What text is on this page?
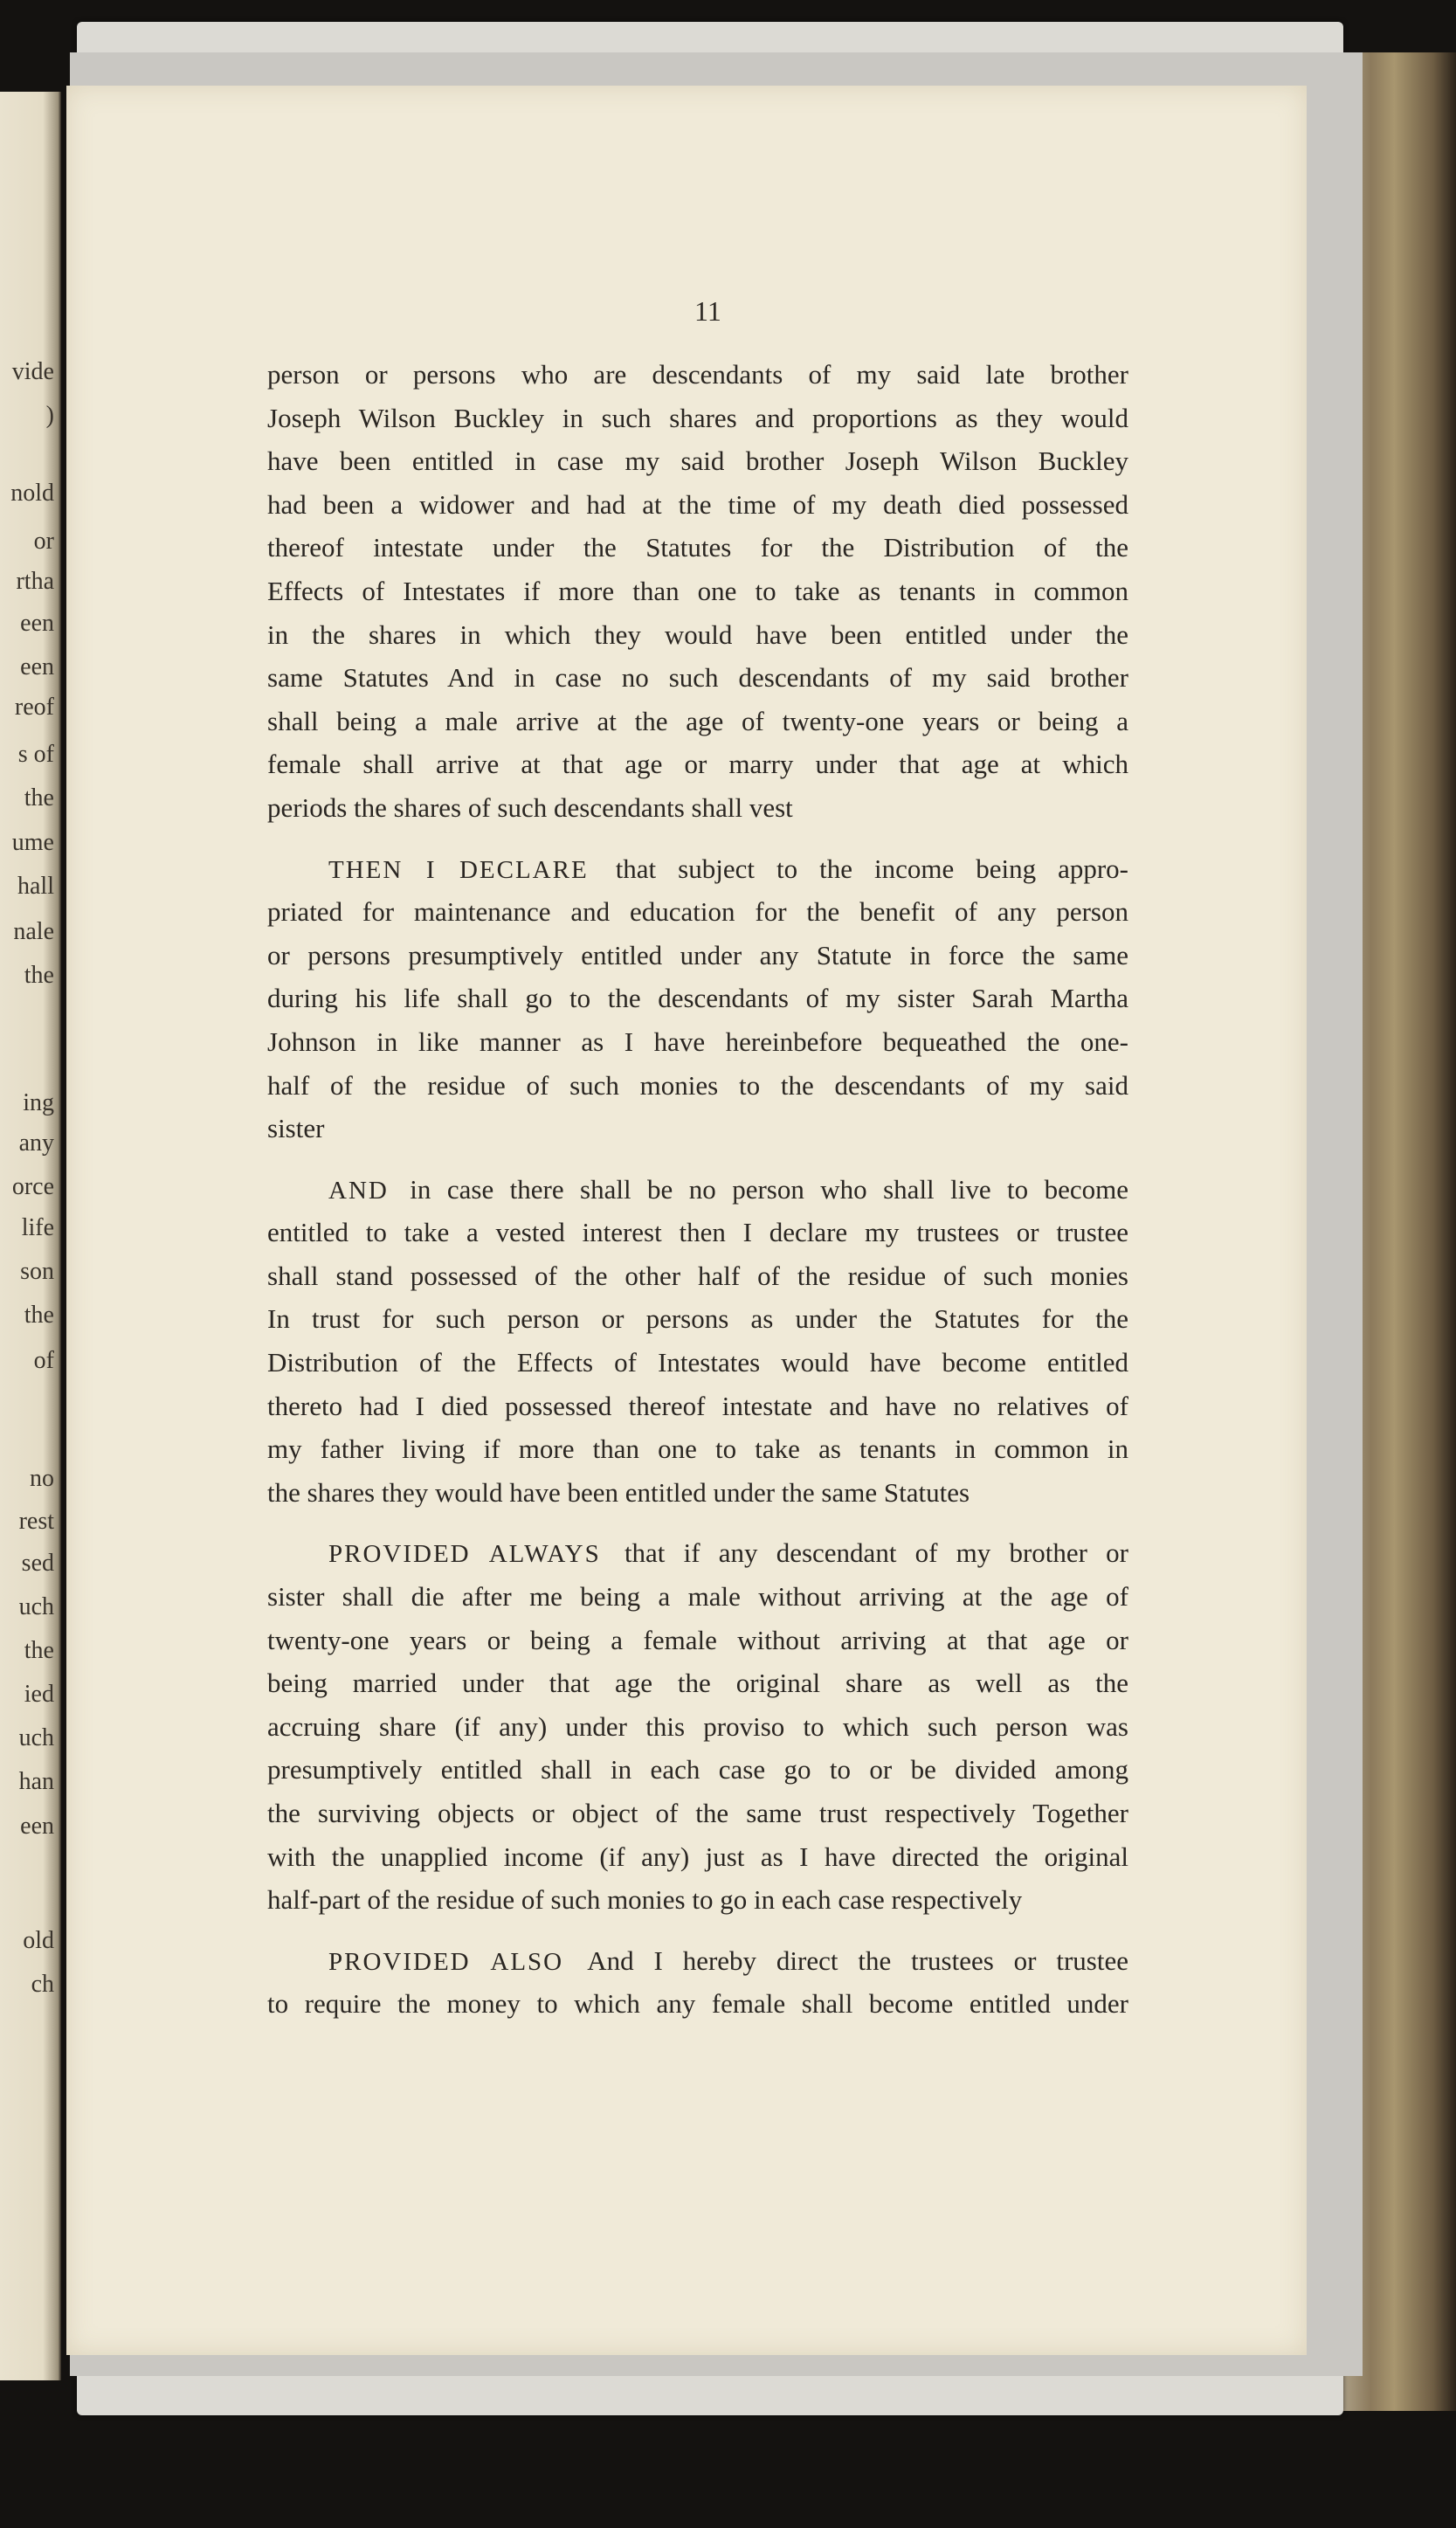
vide
)
nold
or
rtha
een
een
reof
s of
the
ume
hall
nale
the
ing
any
orce
life
son
the
of
no
rest
sed
uch
the
ied
uch
han
een
old
ch
11
person or persons who are descendants of my said late brother
Joseph Wilson Buckley in such shares and proportions as they would
have been entitled in case my said brother Joseph Wilson Buckley
had been a widower and had at the time of my death died possessed
thereof intestate under the Statutes for the Distribution of the
Effects of Intestates if more than one to take as tenants in common
in the shares in which they would have been entitled under the
same Statutes And in case no such descendants of my said brother
shall being a male arrive at the age of twenty-one years or being a
female shall arrive at that age or marry under that age at which
periods the shares of such descendants shall vest
THEN I DECLARE that subject to the income being appro-
priated for maintenance and education for the benefit of any person
or persons presumptively entitled under any Statute in force the same
during his life shall go to the descendants of my sister Sarah Martha
Johnson in like manner as I have hereinbefore bequeathed the one-
half of the residue of such monies to the descendants of my said
sister
AND in case there shall be no person who shall live to become
entitled to take a vested interest then I declare my trustees or trustee
shall stand possessed of the other half of the residue of such monies
In trust for such person or persons as under the Statutes for the
Distribution of the Effects of Intestates would have become entitled
thereto had I died possessed thereof intestate and have no relatives of
my father living if more than one to take as tenants in common in
the shares they would have been entitled under the same Statutes
PROVIDED ALWAYS that if any descendant of my brother or
sister shall die after me being a male without arriving at the age of
twenty-one years or being a female without arriving at that age or
being married under that age the original share as well as the
accruing share (if any) under this proviso to which such person was
presumptively entitled shall in each case go to or be divided among
the surviving objects or object of the same trust respectively Together
with the unapplied income (if any) just as I have directed the original
half-part of the residue of such monies to go in each case respectively
PROVIDED ALSO And I hereby direct the trustees or trustee
to require the money to which any female shall become entitled under
